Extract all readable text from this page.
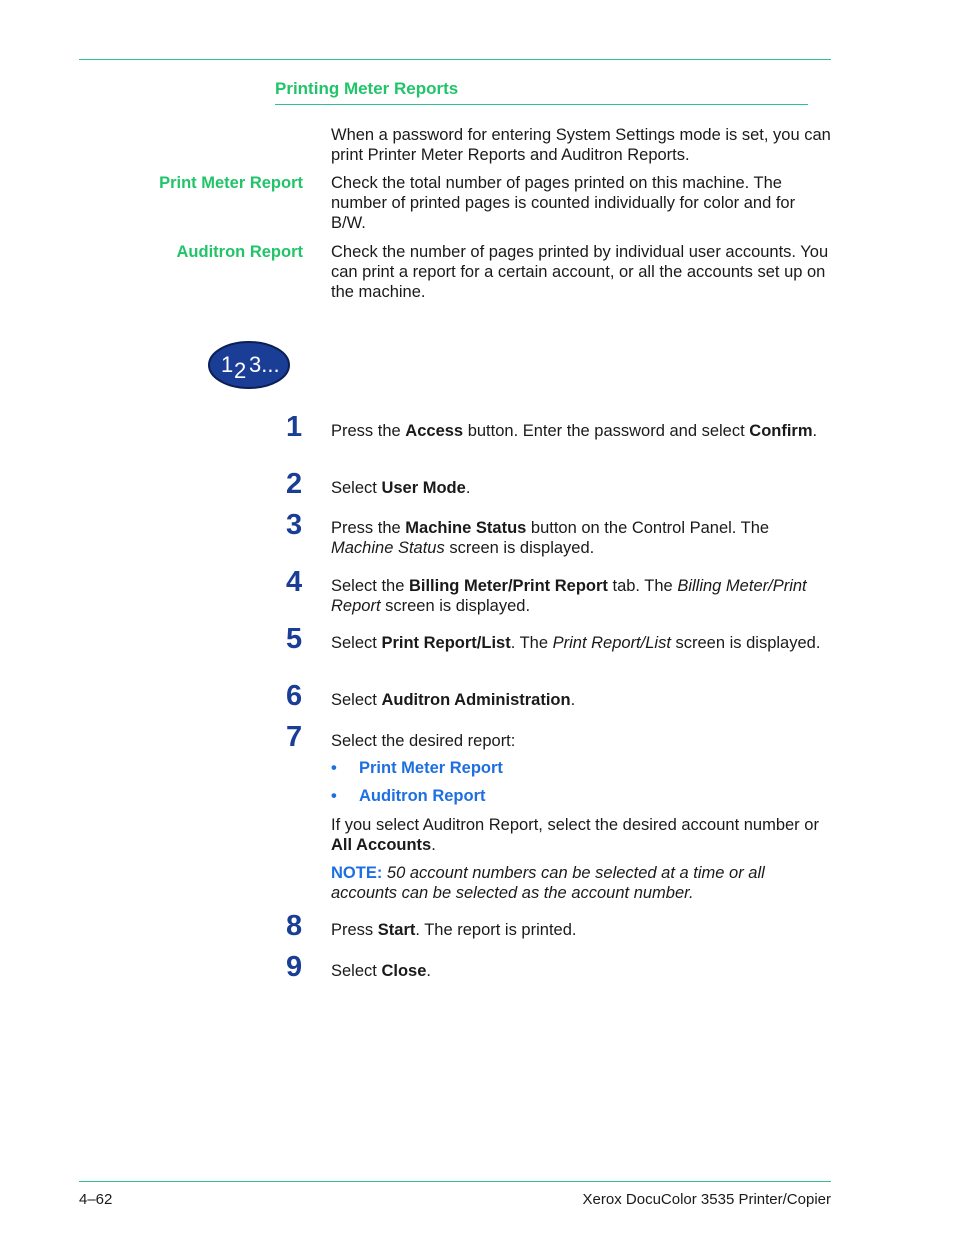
Printing Meter Reports
When a password for entering System Settings mode is set, you can print Printer Meter Reports and Auditron Reports.
Print Meter Report Check the total number of pages printed on this machine. The number of printed pages is counted individually for color and for B/W.
Auditron Report Check the number of pages printed by individual user accounts. You can print a report for a certain account, or all the accounts set up on the machine.
1 2 3...
1	Press the Access button. Enter the password and select Confirm.
2	Select User Mode.
3	Press the Machine Status button on the Control Panel. The Machine Status screen is displayed.
4	Select the Billing Meter/Print Report tab. The Billing Meter/Print Report screen is displayed.
5	Select Print Report/List. The Print Report/List screen is displayed.
6	Select Auditron Administration.
7	Select the desired report:
• Print Meter Report
• Auditron Report
If you select Auditron Report, select the desired account number or All Accounts.
NOTE: 50 account numbers can be selected at a time or all accounts can be selected as the account number.
8	Press Start. The report is printed.
9	Select Close.
4–62	Xerox DocuColor 3535 Printer/Copier
